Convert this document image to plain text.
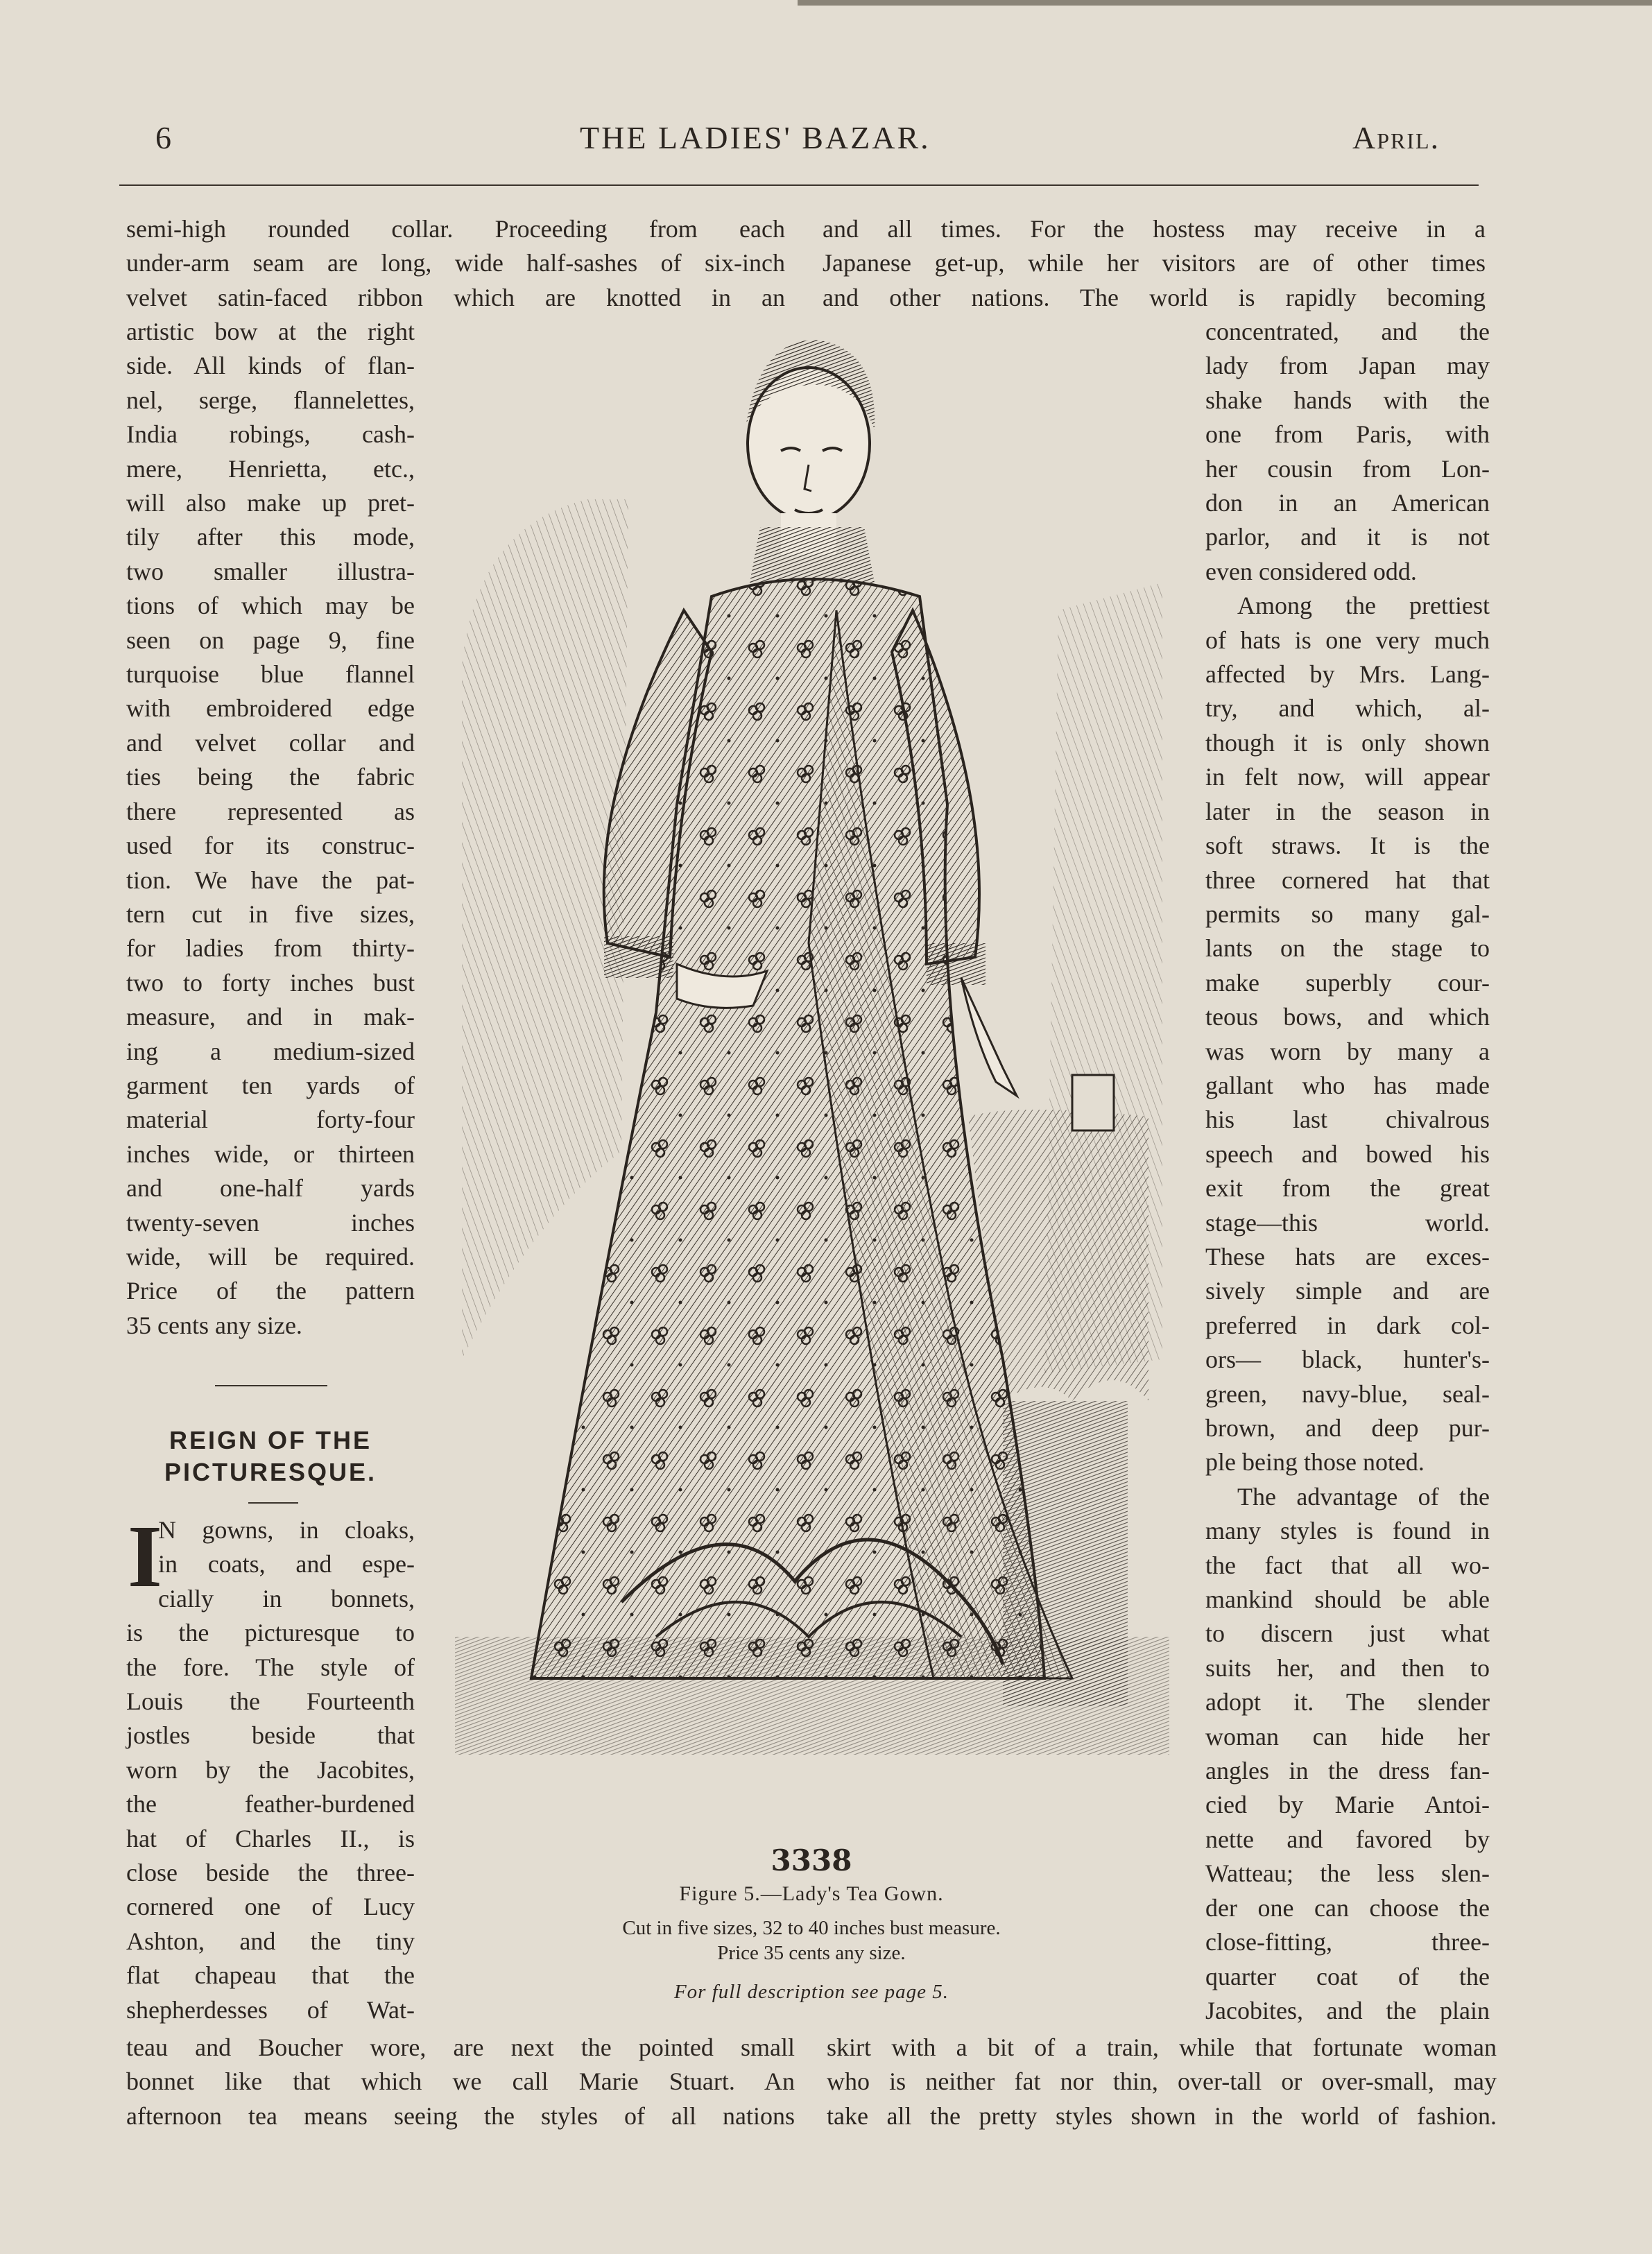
6	THE LADIES' BAZAR.	April.
semi-high rounded collar. Proceeding from each
under-arm seam are long, wide half-sashes of six-inch
velvet satin-faced ribbon which are knotted in an
and all times. For the hostess may receive in a
Japanese get-up, while her visitors are of other times
and other nations. The world is rapidly becoming
artistic bow at the right
side. All kinds of flan-
nel, serge, flannelettes,
India robings, cash-
mere, Henrietta, etc.,
will also make up pret-
tily after this mode,
two smaller illustra-
tions of which may be
seen on page 9, fine
turquoise blue flannel
with embroidered edge
and velvet collar and
ties being the fabric
there represented as
used for its construc-
tion. We have the pat-
tern cut in five sizes,
for ladies from thirty-
two to forty inches bust
measure, and in mak-
ing a medium-sized
garment ten yards of
material forty-four
inches wide, or thirteen
and one-half yards
twenty-seven inches
wide, will be required.
Price of the pattern
35 cents any size.
REIGN OF THE
PICTURESQUE.
I
N gowns, in cloaks,
in coats, and espe-
cially in bonnets,
is the picturesque to
the fore. The style of
Louis the Fourteenth
jostles beside that
worn by the Jacobites,
the feather-burdened
hat of Charles II., is
close beside the three-
cornered one of Lucy
Ashton, and the tiny
flat chapeau that the
shepherdesses of Wat-
concentrated, and the
lady from Japan may
shake hands with the
one from Paris, with
her cousin from Lon-
don in an American
parlor, and it is not
even considered odd.
Among the prettiest
of hats is one very much
affected by Mrs. Lang-
try, and which, al-
though it is only shown
in felt now, will appear
later in the season in
soft straws. It is the
three cornered hat that
permits so many gal-
lants on the stage to
make superbly cour-
teous bows, and which
was worn by many a
gallant who has made
his last chivalrous
speech and bowed his
exit from the great
stage—this world.
These hats are exces-
sively simple and are
preferred in dark col-
ors— black, hunter's-
green, navy-blue, seal-
brown, and deep pur-
ple being those noted.
The advantage of the
many styles is found in
the fact that all wo-
mankind should be able
to discern just what
suits her, and then to
adopt it. The slender
woman can hide her
angles in the dress fan-
cied by Marie Antoi-
nette and favored by
Watteau; the less slen-
der one can choose the
close-fitting, three-
quarter coat of the
Jacobites, and the plain
3338
Figure 5.—Lady's Tea Gown.
Cut in five sizes, 32 to 40 inches bust measure.
Price 35 cents any size.
For full description see page 5.
teau and Boucher wore, are next the pointed small
bonnet like that which we call Marie Stuart. An
afternoon tea means seeing the styles of all nations
skirt with a bit of a train, while that fortunate woman
who is neither fat nor thin, over-tall or over-small, may
take all the pretty styles shown in the world of fashion.
